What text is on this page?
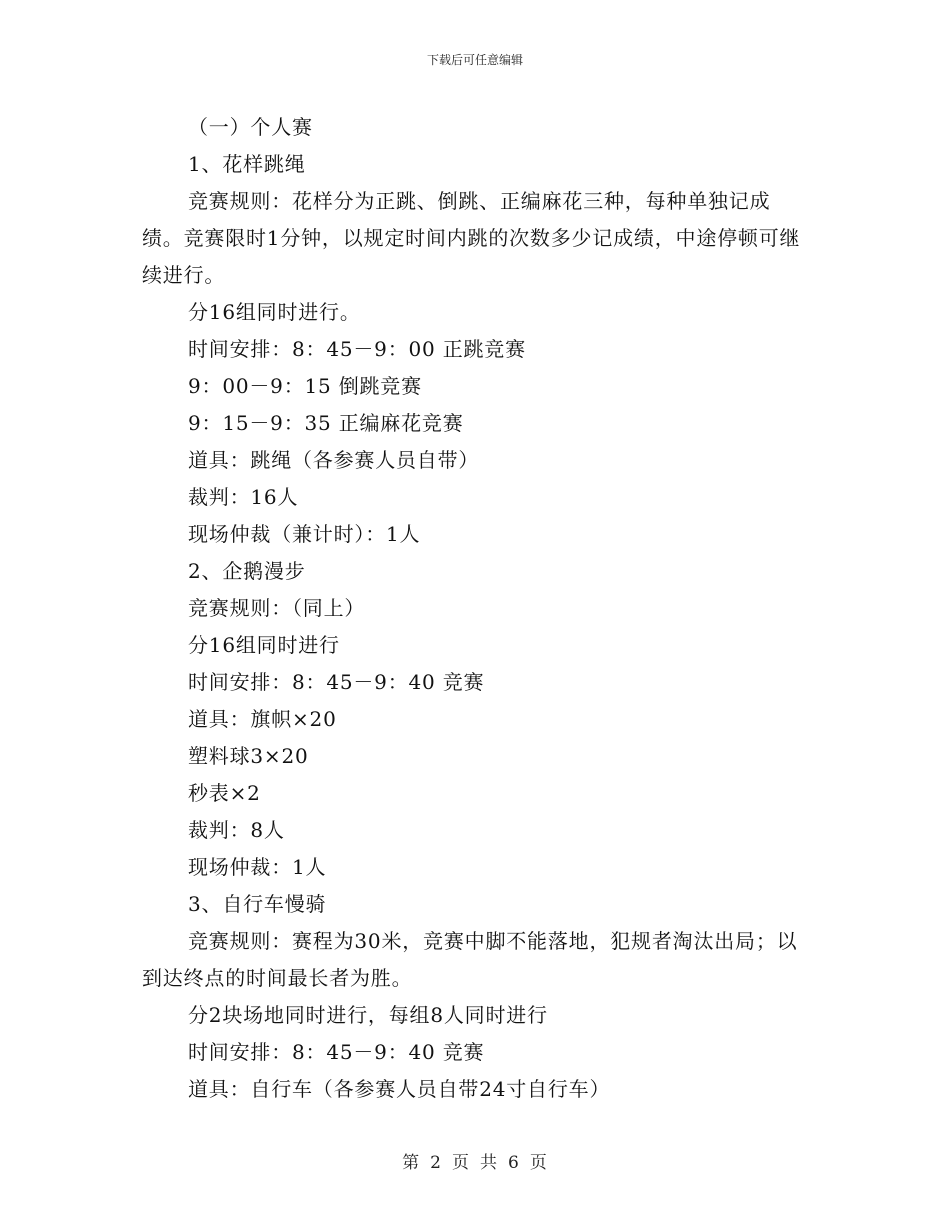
下载后可任意编辑

（一）个人赛

1、花样跳绳

竞赛规则：花样分为正跳、倒跳、正编麻花三种，每种单独记成绩。竞赛限时1分钟，以规定时间内跳的次数多少记成绩，中途停顿可继续进行。

分16组同时进行。

时间安排：8：45－9：00 正跳竞赛

9：00－9：15 倒跳竞赛

9：15－9：35 正编麻花竞赛

道具：跳绳（各参赛人员自带）

裁判：16人

现场仲裁（兼计时）：1人

2、企鹅漫步

竞赛规则：（同上）

分16组同时进行

时间安排：8：45－9：40 竞赛

道具：旗帜×20

塑料球3×20

秒表×2

裁判：8人

现场仲裁：1人

3、自行车慢骑

竞赛规则：赛程为30米，竞赛中脚不能落地，犯规者淘汰出局；以到达终点的时间最长者为胜。

分2块场地同时进行，每组8人同时进行

时间安排：8：45－9：40 竞赛

道具：自行车（各参赛人员自带24寸自行车）

第 2 页 共 6 页
